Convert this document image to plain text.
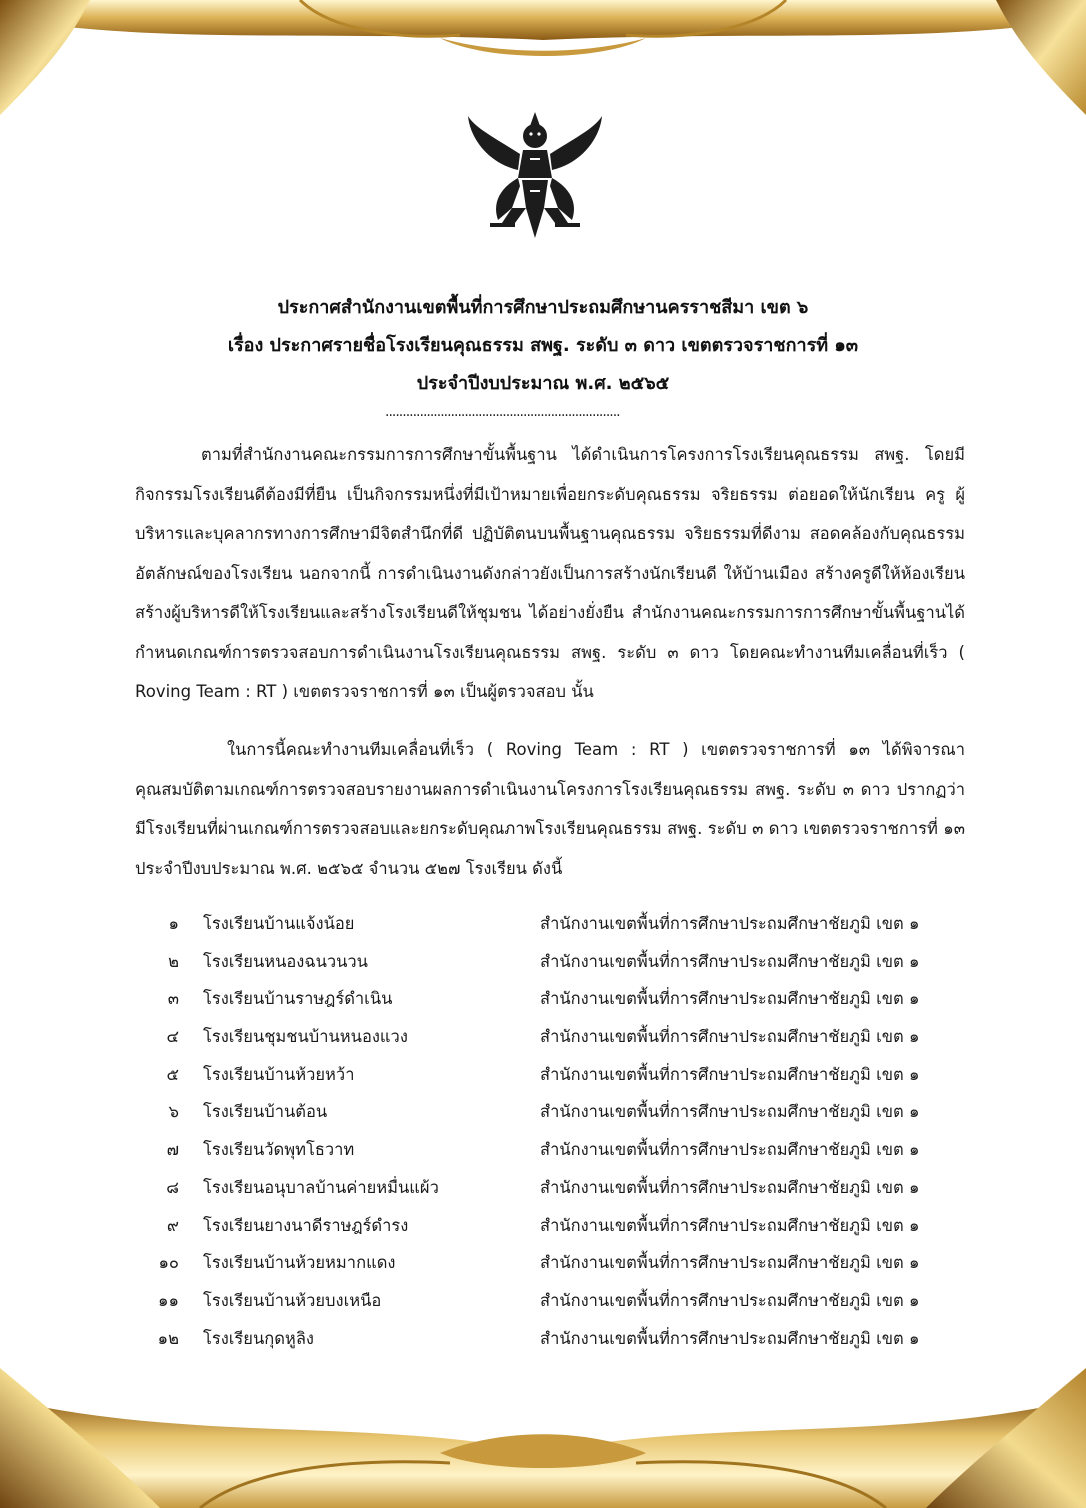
ประกาศสำนักงานเขตพื้นที่การศึกษาประถมศึกษานครราชสีมา เขต ๖
เรื่อง ประกาศรายชื่อโรงเรียนคุณธรรม สพฐ. ระดับ ๓ ดาว เขตตรวจราชการที่ ๑๓
ประจำปีงบประมาณ พ.ศ. ๒๕๖๕
....................................................................
ตามที่สำนักงานคณะกรรมการการศึกษาขั้นพื้นฐาน ได้ดำเนินการโครงการโรงเรียนคุณธรรม สพฐ. โดยมีกิจกรรมโรงเรียนดีต้องมีที่ยืน เป็นกิจกรรมหนึ่งที่มีเป้าหมายเพื่อยกระดับคุณธรรม จริยธรรม ต่อยอดให้นักเรียน ครู ผู้บริหารและบุคลากรทางการศึกษามีจิตสำนึกที่ดี ปฏิบัติตนบนพื้นฐานคุณธรรม จริยธรรมที่ดีงาม สอดคล้องกับคุณธรรมอัตลักษณ์ของโรงเรียน นอกจากนี้ การดำเนินงานดังกล่าวยังเป็นการสร้างนักเรียนดี ให้บ้านเมือง สร้างครูดีให้ห้องเรียน สร้างผู้บริหารดีให้โรงเรียนและสร้างโรงเรียนดีให้ชุมชน ได้อย่างยั่งยืน สำนักงานคณะกรรมการการศึกษาขั้นพื้นฐานได้กำหนดเกณฑ์การตรวจสอบการดำเนินงานโรงเรียนคุณธรรม สพฐ. ระดับ ๓ ดาว โดยคณะทำงานทีมเคลื่อนที่เร็ว ( Roving Team : RT ) เขตตรวจราชการที่ ๑๓ เป็นผู้ตรวจสอบ นั้น
ในการนี้คณะทำงานทีมเคลื่อนที่เร็ว ( Roving Team : RT ) เขตตรวจราชการที่ ๑๓ ได้พิจารณา คุณสมบัติตามเกณฑ์การตรวจสอบรายงานผลการดำเนินงานโครงการโรงเรียนคุณธรรม สพฐ. ระดับ ๓ ดาว ปรากฏว่ามีโรงเรียนที่ผ่านเกณฑ์การตรวจสอบและยกระดับคุณภาพโรงเรียนคุณธรรม สพฐ. ระดับ ๓ ดาว เขตตรวจราชการที่ ๑๓ ประจำปีงบประมาณ พ.ศ. ๒๕๖๕ จำนวน ๕๒๗ โรงเรียน ดังนี้
๑ โรงเรียนบ้านแจ้งน้อย	สำนักงานเขตพื้นที่การศึกษาประถมศึกษาชัยภูมิ เขต ๑
๒ โรงเรียนหนองฉนวนวน	สำนักงานเขตพื้นที่การศึกษาประถมศึกษาชัยภูมิ เขต ๑
๓ โรงเรียนบ้านราษฎร์ดำเนิน	สำนักงานเขตพื้นที่การศึกษาประถมศึกษาชัยภูมิ เขต ๑
๔ โรงเรียนชุมชนบ้านหนองแวง	สำนักงานเขตพื้นที่การศึกษาประถมศึกษาชัยภูมิ เขต ๑
๕ โรงเรียนบ้านห้วยหว้า	สำนักงานเขตพื้นที่การศึกษาประถมศึกษาชัยภูมิ เขต ๑
๖ โรงเรียนบ้านต้อน	สำนักงานเขตพื้นที่การศึกษาประถมศึกษาชัยภูมิ เขต ๑
๗ โรงเรียนวัดพุทโธวาท	สำนักงานเขตพื้นที่การศึกษาประถมศึกษาชัยภูมิ เขต ๑
๘ โรงเรียนอนุบาลบ้านค่ายหมื่นแผ้ว	สำนักงานเขตพื้นที่การศึกษาประถมศึกษาชัยภูมิ เขต ๑
๙ โรงเรียนยางนาดีราษฎร์ดำรง	สำนักงานเขตพื้นที่การศึกษาประถมศึกษาชัยภูมิ เขต ๑
๑๐ โรงเรียนบ้านห้วยหมากแดง	สำนักงานเขตพื้นที่การศึกษาประถมศึกษาชัยภูมิ เขต ๑
๑๑ โรงเรียนบ้านห้วยบงเหนือ	สำนักงานเขตพื้นที่การศึกษาประถมศึกษาชัยภูมิ เขต ๑
๑๒ โรงเรียนกุดหูลิง	สำนักงานเขตพื้นที่การศึกษาประถมศึกษาชัยภูมิ เขต ๑
